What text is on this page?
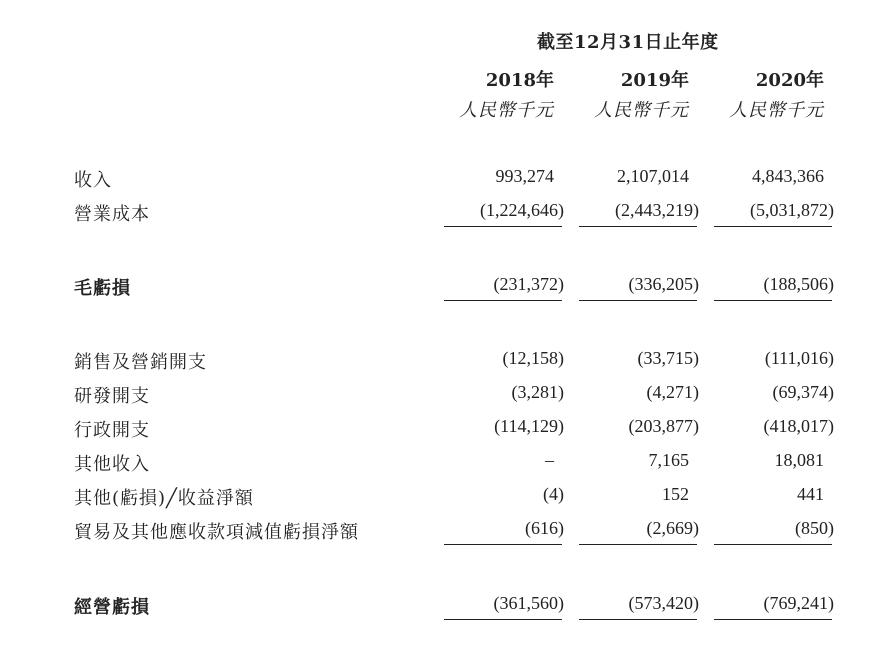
截至12月31日止年度
2018年	2019年	2020年
人民幣千元	人民幣千元	人民幣千元
收入	993,274	2,107,014	4,843,366
營業成本	(1,224,646)	(2,443,219)	(5,031,872)
毛虧損	(231,372)	(336,205)	(188,506)
銷售及營銷開支	(12,158)	(33,715)	(111,016)
研發開支	(3,281)	(4,271)	(69,374)
行政開支	(114,129)	(203,877)	(418,017)
其他收入	–	7,165	18,081
其他(虧損)╱收益淨額	(4)	152	441
貿易及其他應收款項減值虧損淨額	(616)	(2,669)	(850)
經營虧損	(361,560)	(573,420)	(769,241)
